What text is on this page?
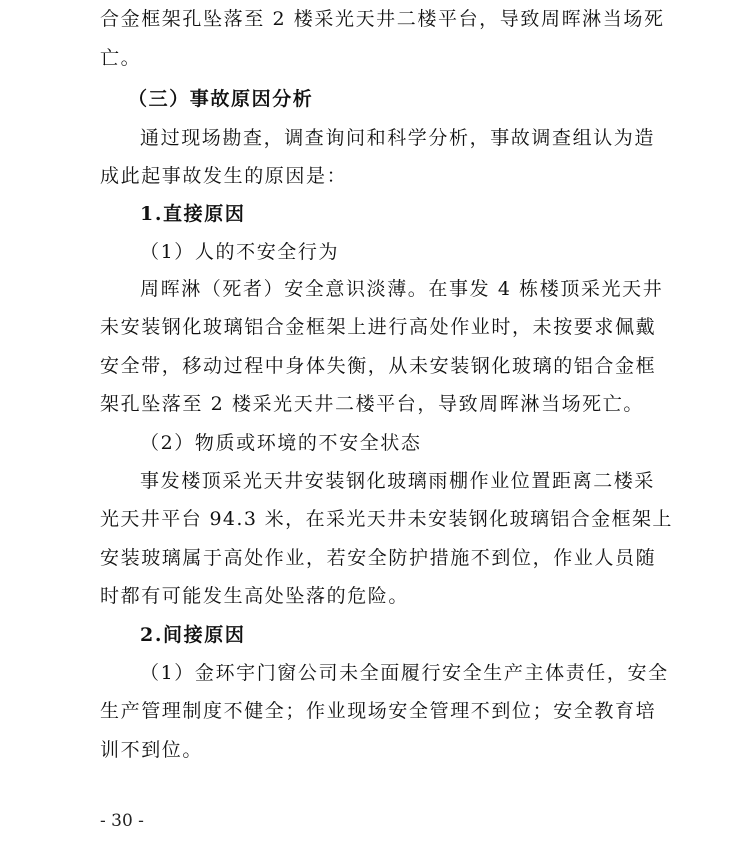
合金框架孔坠落至 2 楼采光天井二楼平台，导致周晖淋当场死
亡。
（三）事故原因分析
通过现场勘查，调查询问和科学分析，事故调查组认为造
成此起事故发生的原因是：
1.直接原因
（1）人的不安全行为
周晖淋（死者）安全意识淡薄。在事发 4 栋楼顶采光天井
未安装钢化玻璃铝合金框架上进行高处作业时，未按要求佩戴
安全带，移动过程中身体失衡，从未安装钢化玻璃的铝合金框
架孔坠落至 2 楼采光天井二楼平台，导致周晖淋当场死亡。
（2）物质或环境的不安全状态
事发楼顶采光天井安装钢化玻璃雨棚作业位置距离二楼采
光天井平台 94.3 米，在采光天井未安装钢化玻璃铝合金框架上
安装玻璃属于高处作业，若安全防护措施不到位，作业人员随
时都有可能发生高处坠落的危险。
2.间接原因
（1）金环宇门窗公司未全面履行安全生产主体责任，安全
生产管理制度不健全；作业现场安全管理不到位；安全教育培
训不到位。
- 30 -
